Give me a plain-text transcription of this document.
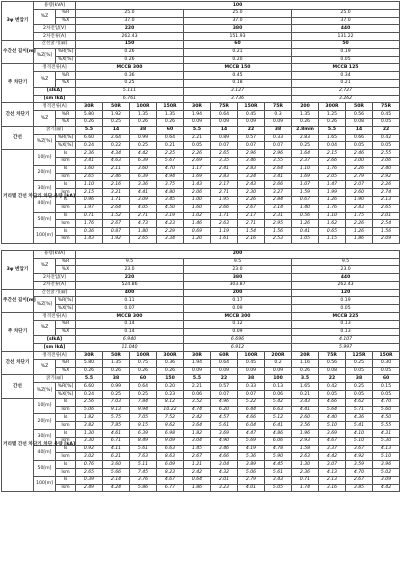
3φ 변압기	용량[kVA]		100											
	%Z	%R	25.0				25.0				25.0			
		%X	37.0				37.0				37.0			
	2차전압[V]		220				380				440			
	2차전류[A]		262.43				151.93				131.22			
수간선 길이[m]	간선굵기[㎟]		150				60				50			
	%Z[%]	%R[%]	0.26				0.21				0.19			
		%X[%]	0.26				0.20				0.05			
주 차단기	정격전류[A]		MCCB 300				MCCB 150				MCCB 125			
	%Z	%R	0.36				0.45				0.34			
		%X	0.25				0.18				0.21			
	[sIkA]		5.111				3.127				2.727			
	[sm IkA]		6.761				3.736				3.262			
간선 차단기	정격전류[A]		30R	50R	100R	150R	30R	75R	150R	75R	200	300R	50R	75R
	%Z	%R	5.80	1.92	1.35	1.35	1.94	0.64	0.45	0.3	1.35	1.25	0.56	0.45
		%X	0.26	0.25	0.26	0.26	0.09	0.09	0.09	0.09	0.26	0.26	0.08	0.05
간선	굵기[㎟]		5.5	14	38	60	5.5	14	22	38	2.8mm	5.5	14	22
	%Z[%]	%R[%]	6.60	2.64	0.99	0.64	2.21	0.89	0.57	0.33	2.83	1.65	0.66	0.42
		%X[%]	0.24	0.22	0.25	0.21	0.05	0.07	0.07	0.07	0.25	0.04	0.05	0.05
거리별 간선 차단기 차단 용량 [kA]	10[m]	Is	2.36	4.34	4.42	2.25	2.26	2.65	2.96	2.96	1.64	2.15	2.46	2.55
		Ism	3.41	4.63	6.39	5.67	2.69	3.35	3.46	3.55	2.37	2.66	3.00	3.06
	20[m]	Is	1.60	2.11	3.60	4.70	1.17	2.41	2.83	2.64	1.10	1.76	2.26	2.40
		Ism	2.65	2.46	6.39	4.94	1.69	2.83	3.24	3.41	1.69	2.05	2.79	2.92
	30[m]	Is	1.10	2.16	3.36	3.75	1.43	2.17	2.43	2.66	1.07	1.47	2.07	2.26
		Ism	2.15	3.21	4.41	4.80	2.06	2.71	2.30	3.27	1.59	1.99	2.60	2.74
	40[m]	Is	0.96	1.71	3.09	3.45	1.00	1.95	2.26	2.84	0.67	1.26	1.90	2.13
		Ism	1.97	2.64	4.05	4.50	1.60	2.66	2.67	3.14	1.40	1.76	2.43	2.65
	50[m]	Is	0.71	1.52	2.71	3.19	1.02	1.71	2.17	2.31	0.56	1.10	1.75	2.01
		Ism	1.76	2.67	4.73	4.23	1.46	2.63	2.71	2.95	1.26	1.62	2.26	2.54
	100[m]	Is	0.36	0.87	1.80	2.29	0.69	1.19	1.54	1.56	0.41	0.65	1.26	1.56
		Ism	1.43	1.92	2.65	3.34	1.20	1.61	2.16	2.53	1.05	1.15	1.86	2.09
3φ 변압기	용량[kVA]		200											
	%Z	%R	9.5				9.5				9.5			
		%X	23.0				23.0				23.0			
	2차전압[V]		220				380				440			
	2차전류[A]		524.86				303.87				262.43			
주간선 길이[m]	간선굵기[㎟]		400				200				120			
	%Z[%]	%R[%]	0.11				0.17				0.19			
		%X[%]	0.07				0.09				0.05			
주 차단기	정격전류[A]		MCCB 300				MCCB 300				MCCB 225			
	%Z	%R	0.14				0.12				0.13			
		%X	0.14				0.09				0.13			
	[sIkA]		6.940				6.696				4.107			
	[sm IkA]		11.040				6.912				5.997			
간선 차단기	정격전류[A]		30R	50R	100R	300R	30R	60R	100R	200R	20R	75R	125R	150R
	%Z	%R	5.80	1.35	0.75	0.36	1.94	0.64	0.45	0.2	1.16	0.56	0.25	0.30
		%X	0.26	0.26	0.26	0.26	0.09	0.09	0.09	0.09	0.26	0.08	0.05	0.05
간선	굵기[㎟]		5.5	38	60	150	5.5	22	38	100	3.5	22	38	60
	%Z[%]	%R[%]	6.60	0.99	0.64	0.20	2.21	0.57	0.33	0.13	1.65	0.42	0.25	0.15
		%X[%]	0.24	0.25	0.25	0.23	0.06	0.07	0.07	0.06	0.21	0.05	0.05	0.05
거리별 간선 차단기 차단 용량 [kA]	10[m]	Is	2.56	7.03	7.84	8.12	3.52	4.96	5.22	5.42	3.43	4.66	4.62	4.70
		Ism	5.06	9.13	9.94	10.22	4.74	6.20	6.44	6.63	4.41	5.64	5.71	5.60
	20[m]	Is	1.82	5.75	7.05	7.52	2.42	4.57	4.66	5.12	2.60	4.40	4.36	4.50
		Ism	3.82	7.85	9.15	9.62	3.64	5.61	6.04	6.41	3.56	5.10	5.41	5.55
	30[m]	Is	1.30	4.61	6.39	6.98	1.82	3.69	4.47	4.86	1.96	3.69	4.10	4.31
		Ism	3.30	6.71	8.49	9.09	3.04	4.90	5.69	6.06	2.93	4.67	5.10	5.30
	40[m]	Is	0.92	4.11	5.61	6.63	1.45	3.46	4.19	4.78	1.58	3.37	3.67	4.13
		Ism	3.02	6.21	7.63	8.63	2.67	4.66	5.36	5.90	2.63	4.42	4.92	5.10
	50[m]	Is	0.76	3.60	5.11	6.09	1.21	3.04	3.89	4.45	1.30	3.07	3.59	3.96
		Ism	2.65	5.66	7.45	8.23	2.42	4.32	5.06	5.61	2.36	4.13	4.70	5.02
	100[m]	Is	0.39	2.14	3.76	4.67	0.64	2.01	2.79	3.43	0.71	2.13	2.67	3.09
		Ism	2.49	4.24	5.86	6.77	1.86	3.23	4.01	5.05	1.74	3.16	3.85	4.42
